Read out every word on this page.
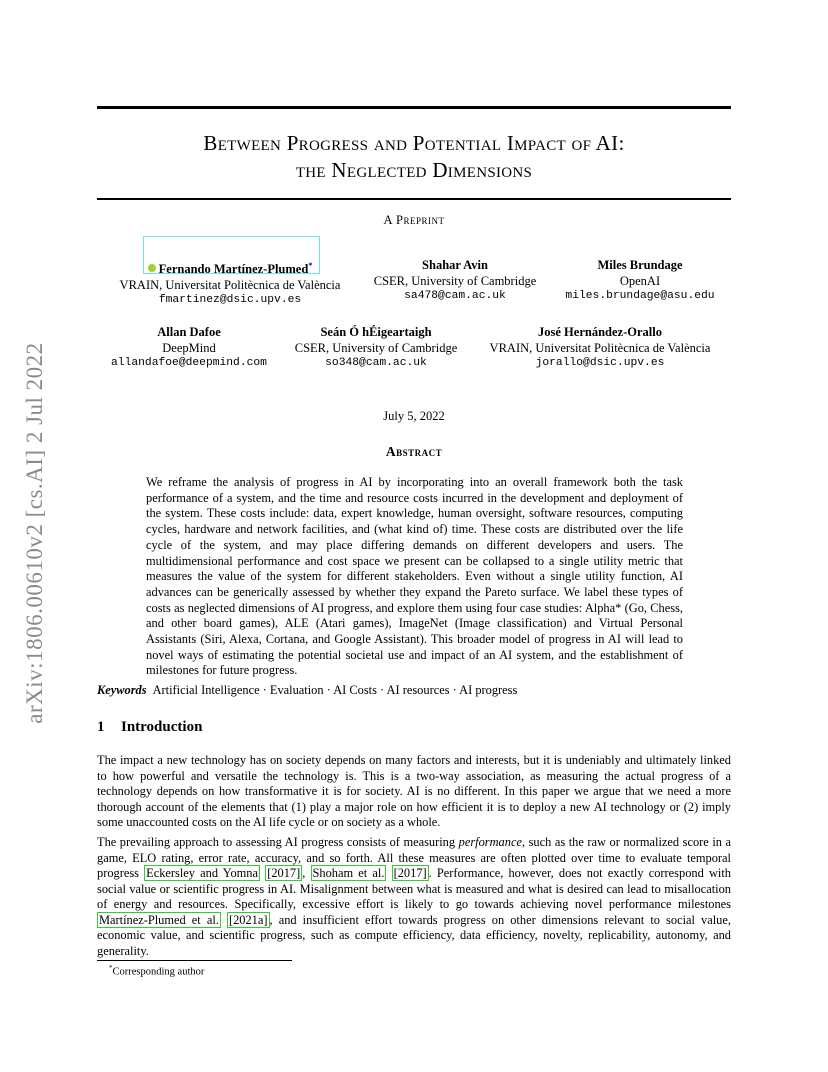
arXiv:1806.00610v2 [cs.AI] 2 Jul 2022
Between Progress and Potential Impact of AI:
the Neglected Dimensions
A Preprint
Fernando Martínez-Plumed*
VRAIN, Universitat Politècnica de València
fmartinez@dsic.upv.es
Shahar Avin
CSER, University of Cambridge
sa478@cam.ac.uk
Miles Brundage
OpenAI
miles.brundage@asu.edu
Allan Dafoe
DeepMind
allandafoe@deepmind.com
Seán Ó hÉigeartaigh
CSER, University of Cambridge
so348@cam.ac.uk
José Hernández-Orallo
VRAIN, Universitat Politècnica de València
jorallo@dsic.upv.es
July 5, 2022
Abstract
We reframe the analysis of progress in AI by incorporating into an overall framework both the task performance of a system, and the time and resource costs incurred in the development and deployment of the system. These costs include: data, expert knowledge, human oversight, software resources, computing cycles, hardware and network facilities, and (what kind of) time. These costs are distributed over the life cycle of the system, and may place differing demands on different developers and users. The multidimensional performance and cost space we present can be collapsed to a single utility metric that measures the value of the system for different stakeholders. Even without a single utility function, AI advances can be generically assessed by whether they expand the Pareto surface. We label these types of costs as neglected dimensions of AI progress, and explore them using four case studies: Alpha* (Go, Chess, and other board games), ALE (Atari games), ImageNet (Image classification) and Virtual Personal Assistants (Siri, Alexa, Cortana, and Google Assistant). This broader model of progress in AI will lead to novel ways of estimating the potential societal use and impact of an AI system, and the establishment of milestones for future progress.
Keywords Artificial Intelligence · Evaluation · AI Costs · AI resources · AI progress
1 Introduction
The impact a new technology has on society depends on many factors and interests, but it is undeniably and ultimately linked to how powerful and versatile the technology is. This is a two-way association, as measuring the actual progress of a technology depends on how transformative it is for society. AI is no different. In this paper we argue that we need a more thorough account of the elements that (1) play a major role on how efficient it is to deploy a new AI technology or (2) imply some unaccounted costs on the AI life cycle or on society as a whole.
The prevailing approach to assessing AI progress consists of measuring performance, such as the raw or normalized score in a game, ELO rating, error rate, accuracy, and so forth. All these measures are often plotted over time to evaluate temporal progress Eckersley and Yomna [2017] , Shoham et al. [2017] . Performance, however, does not exactly correspond with social value or scientific progress in AI. Misalignment between what is measured and what is desired can lead to misallocation of energy and resources. Specifically, excessive effort is likely to go towards achieving novel performance milestones Martínez-Plumed et al. [2021a] , and insufficient effort towards progress on other dimensions relevant to social value, economic value, and scientific progress, such as compute efficiency, data efficiency, novelty, replicability, autonomy, and generality.
*Corresponding author
